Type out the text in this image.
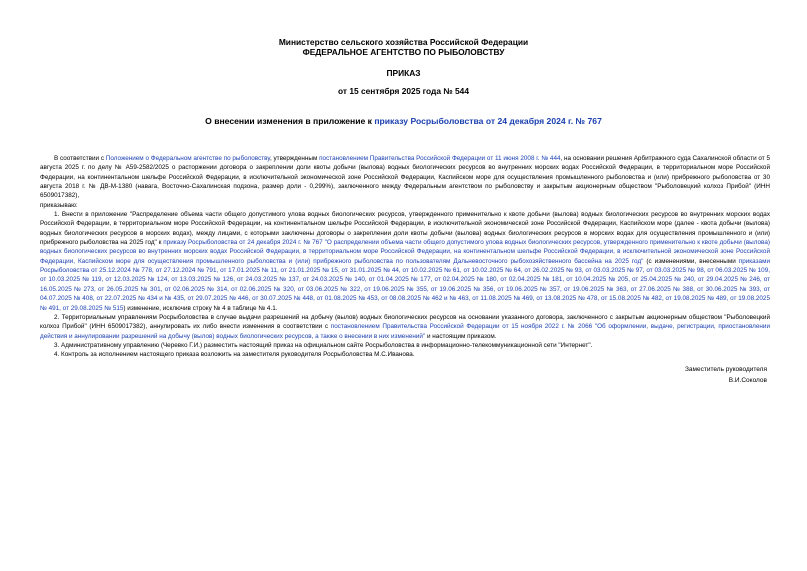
Министерство сельского хозяйства Российской Федерации
ФЕДЕРАЛЬНОЕ АГЕНТСТВО ПО РЫБОЛОВСТВУ
ПРИКАЗ
от 15 сентября 2025 года № 544
О внесении изменения в приложение к приказу Росрыболовства от 24 декабря 2024 г. № 767

В соответствии с Положением о Федеральном агентстве по рыболовству, утвержденным постановлением Правительства Российской Федерации от 11 июня 2008 г. № 444, на основании решения Арбитражного суда Сахалинской области от 5 августа 2025 г. по делу № А59-2582/2025 о расторжении договора о закреплении доли квоты добычи (вылова) водных биологических ресурсов во внутренних морских водах Российской Федерации, в территориальном море Российской Федерации, на континентальном шельфе Российской Федерации, в исключительной экономической зоне Российской Федерации, Каспийском море для осуществления промышленного рыболовства и (или) прибрежного рыболовства от 30 августа 2018 г. № ДВ-М-1380 (навага, Восточно-Сахалинская подзона, размер доли - 0,299%), заключенного между Федеральным агентством по рыболовству и закрытым акционерным обществом "Рыболовецкий колхоз Прибой" (ИНН 6509017382),

приказываю:

1. Внести в приложение "Распределение объема части общего допустимого улова водных биологических ресурсов, утвержденного применительно к квоте добычи (вылова) водных биологических ресурсов во внутренних морских водах Российской Федерации, в территориальном море Российской Федерации, на континентальном шельфе Российской Федерации, в исключительной экономической зоне Российской Федерации, Каспийском море (далее - квота добычи (вылова) водных биологических ресурсов в морских водах), между лицами, с которыми заключены договоры о закреплении доли квоты добычи (вылова) водных биологических ресурсов в морских водах для осуществления промышленного и (или) прибрежного рыболовства на 2025 год" к приказу Росрыболовства от 24 декабря 2024 г. № 767 "О распределении объема части общего допустимого улова водных биологических ресурсов, утвержденного применительно к квоте добычи (вылова) водных биологических ресурсов во внутренних морских водах Российской Федерации, в территориальном море Российской Федерации, на континентальном шельфе Российской Федерации, в исключительной экономической зоне Российской Федерации, Каспийском море для осуществления промышленного рыболовства и (или) прибрежного рыболовства по пользователям Дальневосточного рыбохозяйственного бассейна на 2025 год" (с изменениями, внесенными приказами Росрыболовства от 25.12.2024 № 778, от 27.12.2024 № 791, от 17.01.2025 № 11, от 21.01.2025 № 15, от 31.01.2025 № 44, от 10.02.2025 № 61, от 10.02.2025 № 64, от 26.02.2025 № 93, от 03.03.2025 № 97, от 03.03.2025 № 98, от 06.03.2025 № 109, от 10.03.2025 № 119, от 12.03.2025 № 124, от 13.03.2025 № 126, от 24.03.2025 № 137, от 24.03.2025 № 140, от 01.04.2025 № 177, от 02.04.2025 № 180, от 02.04.2025 № 181, от 10.04.2025 № 205, от 25.04.2025 № 240, от 29.04.2025 № 246, от 16.05.2025 № 273, от 26.05.2025 № 301, от 02.06.2025 № 314, от 02.06.2025 № 320, от 03.06.2025 № 322, от 19.06.2025 № 355, от 19.06.2025 № 356, от 19.06.2025 № 357, от 19.06.2025 № 363, от 27.06.2025 № 388, от 30.06.2025 № 393, от 04.07.2025 № 408, от 22.07.2025 № 434 и № 435, от 29.07.2025 № 446, от 30.07.2025 № 448, от 01.08.2025 № 453, от 08.08.2025 № 462 и № 463, от 11.08.2025 № 469, от 13.08.2025 № 478, от 15.08.2025 № 482, от 19.08.2025 № 489, от 19.08.2025 № 491, от 29.08.2025 № 515) изменение, исключив строку № 4 в таблице № 4.1.

2. Территориальным управлениям Росрыболовства в случае выдачи разрешений на добычу (вылов) водных биологических ресурсов на основании указанного договора, заключенного с закрытым акционерным обществом "Рыболовецкий колхоз Прибой" (ИНН 6509017382), аннулировать их либо внести изменения в соответствии с постановлением Правительства Российской Федерации от 15 ноября 2022 г. № 2066 "Об оформлении, выдаче, регистрации, приостановлении действия и аннулировании разрешений на добычу (вылов) водных биологических ресурсов, а также о внесении в них изменений" и настоящим приказом.

3. Административному управлению (Черевко Г.И.) разместить настоящий приказ на официальном сайте Росрыболовства в информационно-телекоммуникационной сети "Интернет".

4. Контроль за исполнением настоящего приказа возложить на заместителя руководителя Росрыболовства М.С.Иванова.

Заместитель руководителя
В.И.Соколов
